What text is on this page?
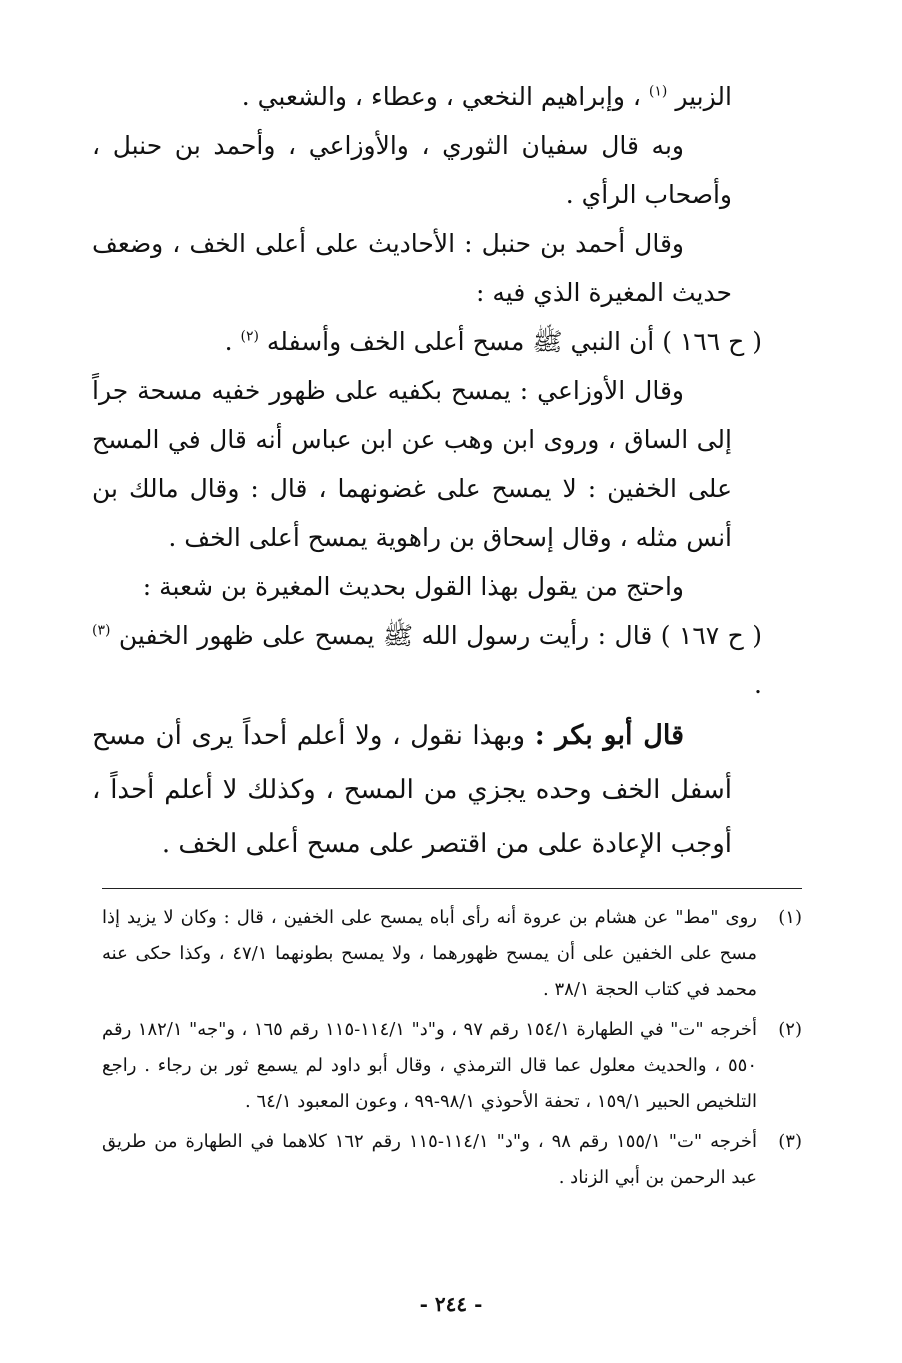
الزبير $^{(١)}$ ، وإبراهيم النخعي ، وعطاء ، والشعبي .

وبه قال سفيان الثوري ، والأوزاعي ، وأحمد بن حنبل ، وأصحاب الرأي .

وقال أحمد بن حنبل : الأحاديث على أعلى الخف ، وضعف حديث المغيرة الذي فيه :

( ح ١٦٦ ) أن النبي ﷺ مسح أعلى الخف وأسفله $^{(٢)}$ .

وقال الأوزاعي : يمسح بكفيه على ظهور خفيه مسحة جراً إلى الساق ، وروى ابن وهب عن ابن عباس أنه قال في المسح على الخفين : لا يمسح على غضونهما ، قال : وقال مالك بن أنس مثله ، وقال إسحاق بن راهوية يمسح أعلى الخف .

واحتج من يقول بهذا القول بحديث المغيرة بن شعبة :

( ح ١٦٧ ) قال : رأيت رسول الله ﷺ يمسح على ظهور الخفين $^{(٣)}$ .

قال أبو بكر : وبهذا نقول ، ولا أعلم أحداً يرى أن مسح أسفل الخف وحده يجزي من المسح ، وكذلك لا أعلم أحداً ، أوجب الإعادة على من اقتصر على مسح أعلى الخف .

(١)
روى "مط" عن هشام بن عروة أنه رأى أباه يمسح على الخفين ، قال : وكان لا يزيد إذا مسح على الخفين على أن يمسح ظهورهما ، ولا يمسح بطونهما ٤٧/١ ، وكذا حكى عنه محمد في كتاب الحجة ٣٨/١ .
(٢)
أخرجه "ت" في الطهارة ١٥٤/١ رقم ٩٧ ، و"د" ١١٤/١-١١٥ رقم ١٦٥ ، و"جه" ١٨٢/١ رقم ٥٥٠ ، والحديث معلول عما قال الترمذي ، وقال أبو داود لم يسمع ثور بن رجاء . راجع التلخيص الحبير ١٥٩/١ ، تحفة الأحوذي ٩٨/١-٩٩ ، وعون المعبود ٦٤/١ .
(٣)
أخرجه "ت" ١٥٥/١ رقم ٩٨ ، و"د" ١١٤/١-١١٥ رقم ١٦٢ كلاهما في الطهارة من طريق عبد الرحمن بن أبي الزناد .
- ٢٤٤ -
